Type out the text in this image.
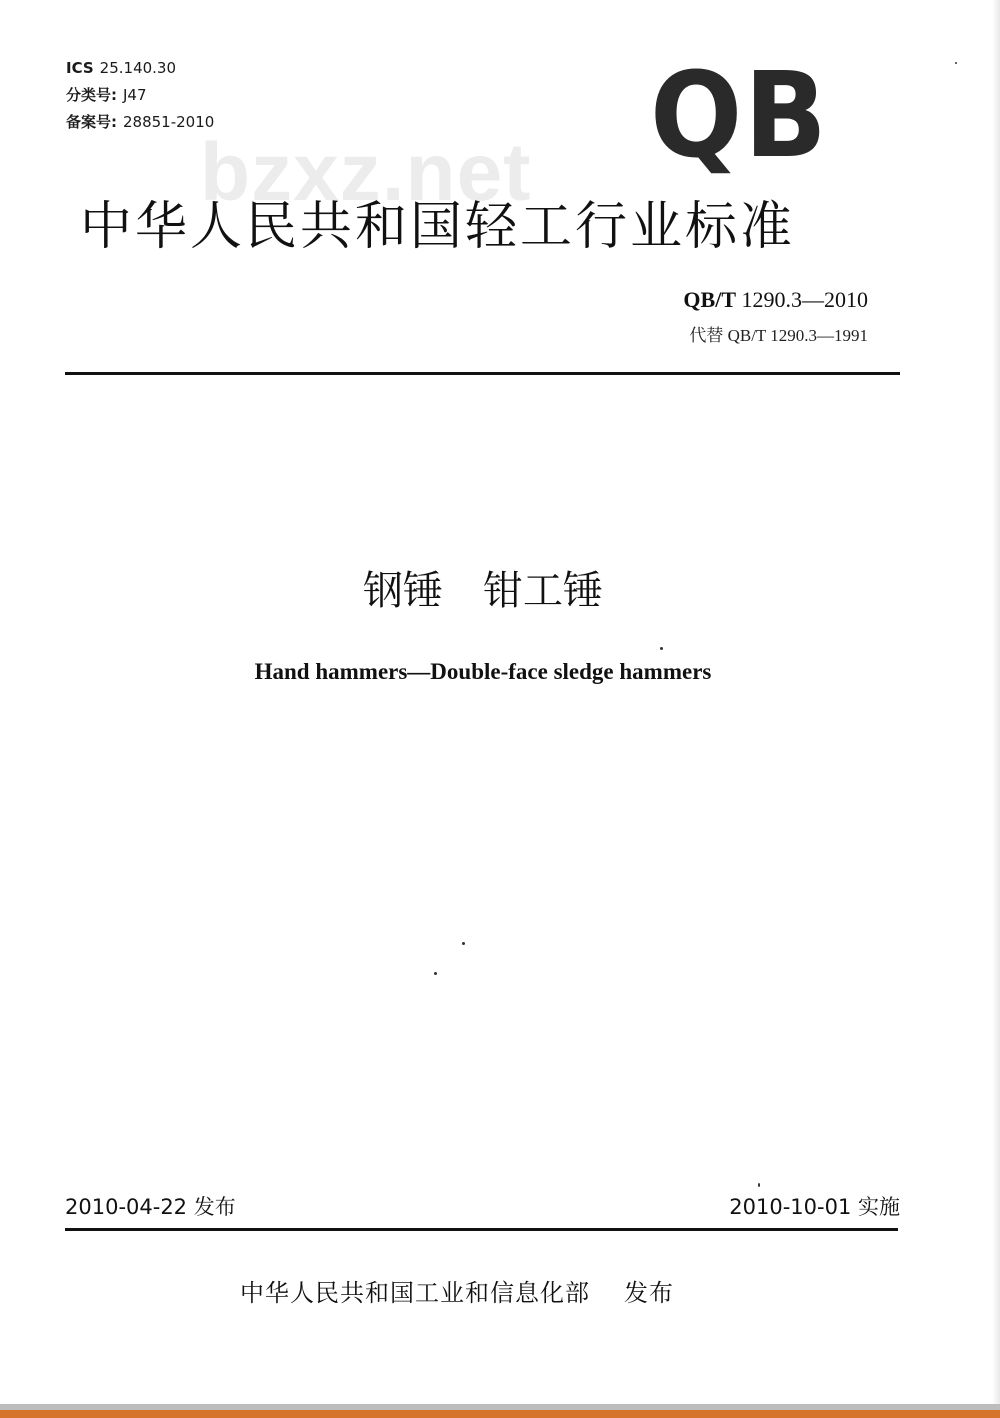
ICS 25.140.30
分类号: J47
备案号: 28851-2010	QB
bzxz.net
中华人民共和国轻工行业标准
QB/T 1290.3—2010
代替 QB/T 1290.3—1991
钢锤　钳工锤
Hand hammers—Double-face sledge hammers
2010-04-22 发布	2010-10-01 实施
中华人民共和国工业和信息化部 发布
